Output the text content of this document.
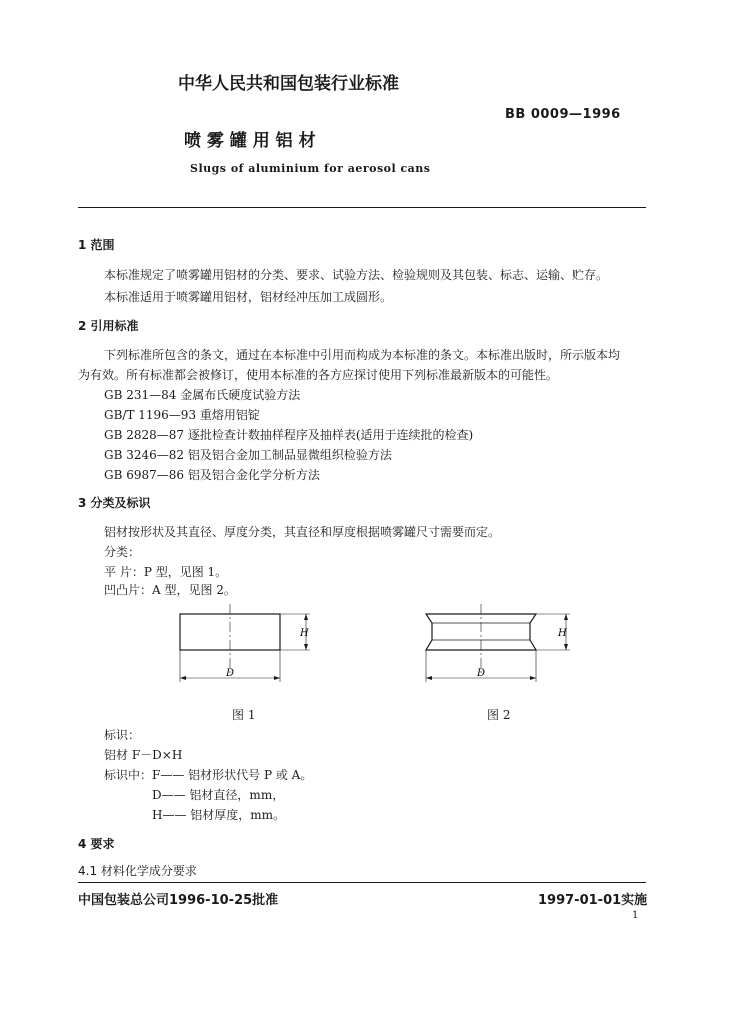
中华人民共和国包装行业标准
BB 0009—1996
喷 雾 罐 用 铝 材
Slugs of aluminium for aerosol cans
1 范围
本标准规定了喷雾罐用铝材的分类、要求、试验方法、检验规则及其包装、标志、运输、贮存。
本标准适用于喷雾罐用铝材，铝材经冲压加工成圆形。
2 引用标准
下列标准所包含的条文，通过在本标准中引用而构成为本标准的条文。本标准出版时，所示版本均
为有效。所有标准都会被修订，使用本标准的各方应探讨使用下列标准最新版本的可能性。
GB 231—84 金属布氏硬度试验方法
GB/T 1196—93 重熔用铝锭
GB 2828—87 逐批检查计数抽样程序及抽样表(适用于连续批的检查)
GB 3246—82 铝及铝合金加工制品显微组织检验方法
GB 6987—86 铝及铝合金化学分析方法
3 分类及标识
铝材按形状及其直径、厚度分类，其直径和厚度根据喷雾罐尺寸需要而定。
分类：
平 片：P 型，见图 1。
凹凸片：A 型，见图 2。
H
D
H
D
图 1	图 2
标识：
铝材 F－D×H
标识中：F—— 铝材形状代号 P 或 A。
D—— 铝材直径，mm，
H—— 铝材厚度，mm。
4 要求
4.1 材料化学成分要求
中国包装总公司1996-10-25批准	1997-01-01实施
1
